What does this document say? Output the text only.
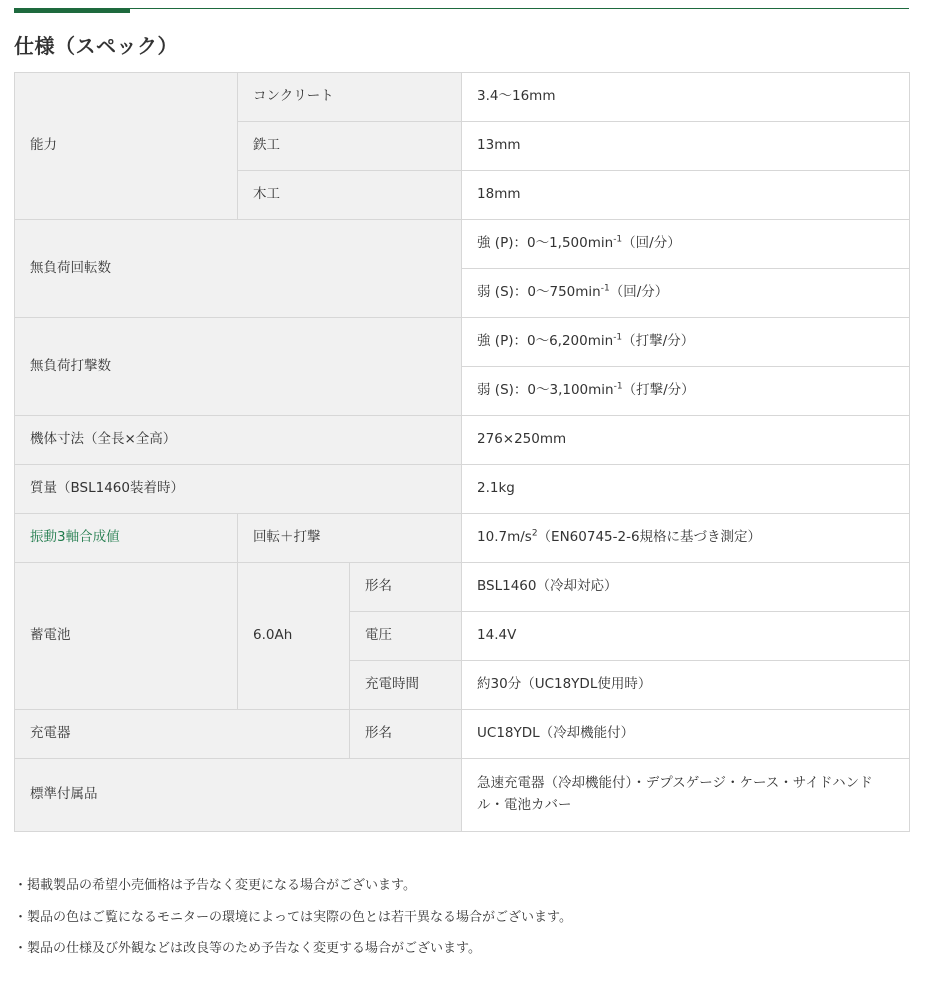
仕様（スペック）
能力	コンクリート		3.4～16mm
	鉄工		13mm
	木工		18mm
無負荷回転数			強 (P)：$0\sim 1,500\min^{-1}$（回/分）
			弱 (S)：$0\sim 750\min^{-1}$（回/分）
無負荷打撃数			強 (P)：$0\sim 6,200\min^{-1}$（打撃/分）
			弱 (S)：$0\sim 3,100\min^{-1}$（打撃/分）
機体寸法（全長×全高）			276×250mm
質量（BSL1460装着時）			2.1kg
振動3軸合成値	回転＋打撃		$10.7m/s^2(EN60745-2-6$規格に基づき測定）
蓄電池	6.0Ah	形名	BSL1460（冷却対応）
		電圧	14.4V
		充電時間	約30分（UC18YDL使用時）
充電器		形名	UC18YDL（冷却機能付）
標準付属品			急速充電器（冷却機能付）・デプスゲージ・ケース・サイドハンドル・電池カバー
・掲載製品の希望小売価格は予告なく変更になる場合がございます。
・製品の色はご覧になるモニターの環境によっては実際の色とは若干異なる場合がございます。
・製品の仕様及び外観などは改良等のため予告なく変更する場合がございます。
